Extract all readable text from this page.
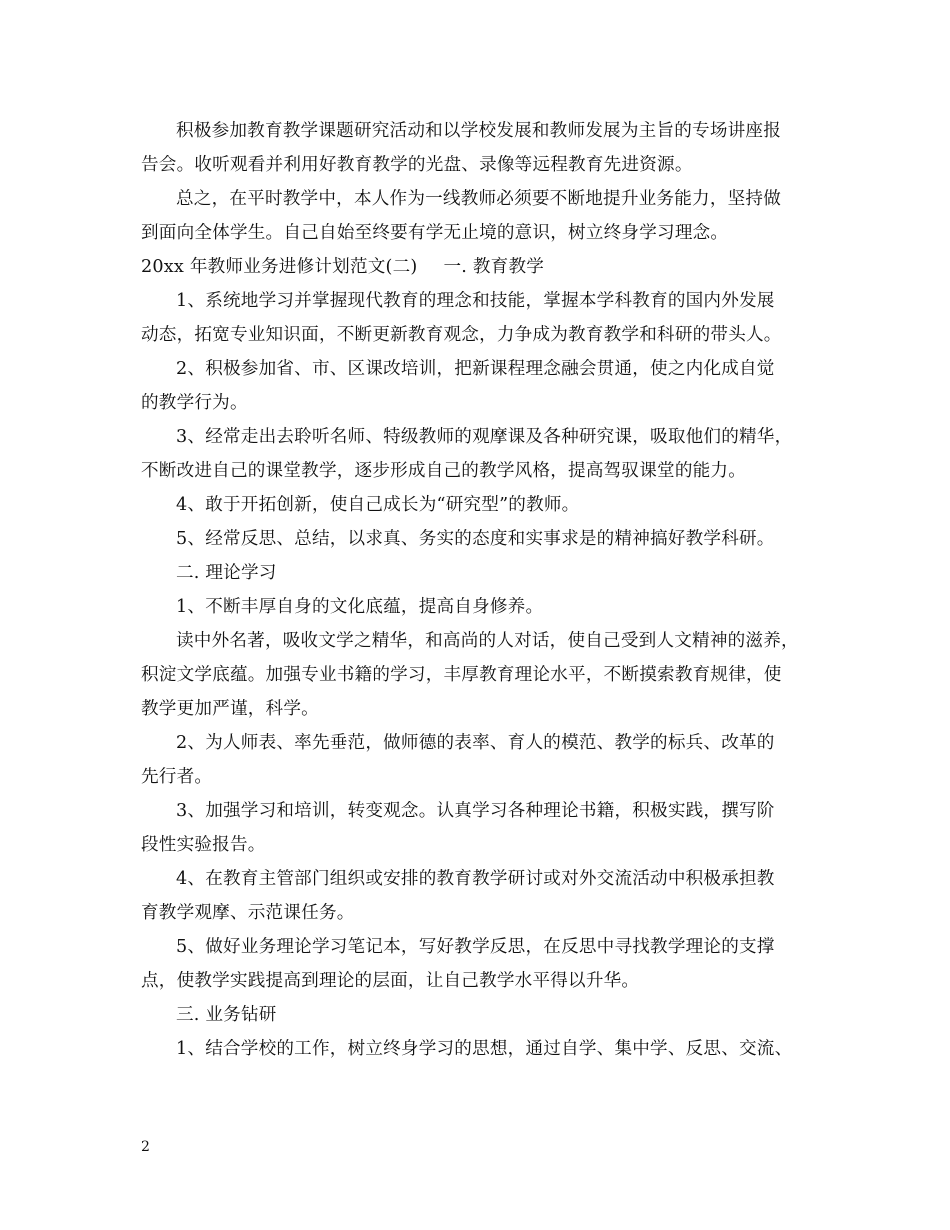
积极参加教育教学课题研究活动和以学校发展和教师发展为主旨的专场讲座报
告会。收听观看并利用好教育教学的光盘、录像等远程教育先进资源。
总之，在平时教学中，本人作为一线教师必须要不断地提升业务能力，坚持做
到面向全体学生。自己自始至终要有学无止境的意识，树立终身学习理念。
20xx 年教师业务进修计划范文(二) 一. 教育教学
1、系统地学习并掌握现代教育的理念和技能，掌握本学科教育的国内外发展
动态，拓宽专业知识面，不断更新教育观念，力争成为教育教学和科研的带头人。
2、积极参加省、市、区课改培训，把新课程理念融会贯通，使之内化成自觉
的教学行为。
3、经常走出去聆听名师、特级教师的观摩课及各种研究课，吸取他们的精华，
不断改进自己的课堂教学，逐步形成自己的教学风格，提高驾驭课堂的能力。
4、敢于开拓创新，使自己成长为“研究型”的教师。
5、经常反思、总结，以求真、务实的态度和实事求是的精神搞好教学科研。
二. 理论学习
1、不断丰厚自身的文化底蕴，提高自身修养。
读中外名著，吸收文学之精华，和高尚的人对话，使自己受到人文精神的滋养，
积淀文学底蕴。加强专业书籍的学习，丰厚教育理论水平，不断摸索教育规律，使
教学更加严谨，科学。
2、为人师表、率先垂范，做师德的表率、育人的模范、教学的标兵、改革的
先行者。
3、加强学习和培训，转变观念。认真学习各种理论书籍，积极实践，撰写阶
段性实验报告。
4、在教育主管部门组织或安排的教育教学研讨或对外交流活动中积极承担教
育教学观摩、示范课任务。
5、做好业务理论学习笔记本，写好教学反思，在反思中寻找教学理论的支撑
点，使教学实践提高到理论的层面，让自己教学水平得以升华。
三. 业务钻研
1、结合学校的工作，树立终身学习的思想，通过自学、集中学、反思、交流、
2
